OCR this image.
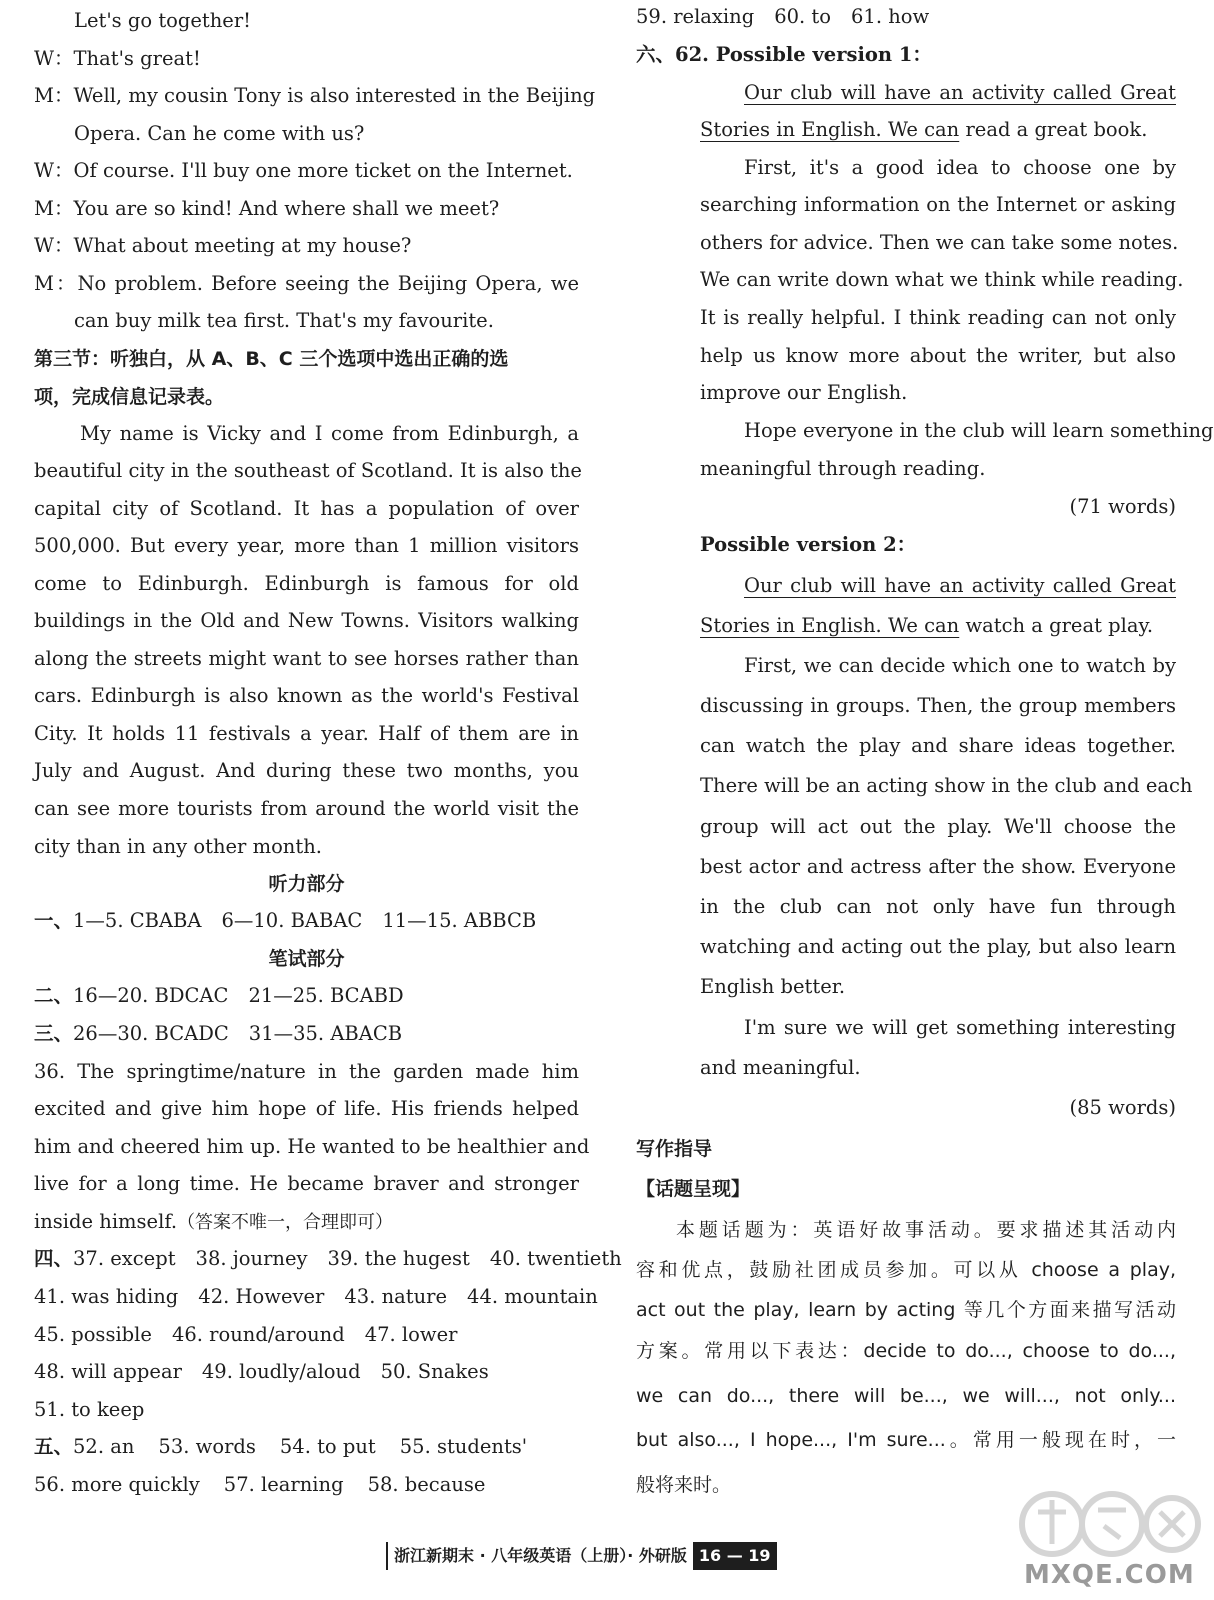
Let's go together!
W：That's great!
M：Well, my cousin Tony is also interested in the Beijing
Opera. Can he come with us?
W：Of course. I'll buy one more ticket on the Internet.
M：You are so kind! And where shall we meet?
W：What about meeting at my house?
M：No problem. Before seeing the Beijing Opera, we
can buy milk tea first. That's my favourite.
第三节：听独白，从 A、B、C 三个选项中选出正确的选
项，完成信息记录表。
My name is Vicky and I come from Edinburgh, a
beautiful city in the southeast of Scotland. It is also the
capital city of Scotland. It has a population of over
500,000. But every year, more than 1 million visitors
come to Edinburgh. Edinburgh is famous for old
buildings in the Old and New Towns. Visitors walking
along the streets might want to see horses rather than
cars. Edinburgh is also known as the world's Festival
City. It holds 11 festivals a year. Half of them are in
July and August. And during these two months, you
can see more tourists from around the world visit the
city than in any other month.
听力部分
一、1—5. CBABA 6—10. BABAC 11—15. ABBCB
笔试部分
二、16—20. BDCAC 21—25. BCABD
三、26—30. BCADC 31—35. ABACB
36. The springtime/nature in the garden made him
excited and give him hope of life. His friends helped
him and cheered him up. He wanted to be healthier and
live for a long time. He became braver and stronger
inside himself.（答案不唯一，合理即可）
四、37. except 38. journey 39. the hugest 40. twentieth
41. was hiding 42. However 43. nature 44. mountain
45. possible 46. round/around 47. lower
48. will appear 49. loudly/aloud 50. Snakes
51. to keep
五、52. an 53. words 54. to put 55. students'
56. more quickly 57. learning 58. because
59. relaxing 60. to 61. how
六、62. Possible version 1：
Our club will have an activity called Great
Stories in English. We can read a great book.
First, it's a good idea to choose one by
searching information on the Internet or asking
others for advice. Then we can take some notes.
We can write down what we think while reading.
It is really helpful. I think reading can not only
help us know more about the writer, but also
improve our English.
Hope everyone in the club will learn something
meaningful through reading.
(71 words)
Possible version 2：
Our club will have an activity called Great
Stories in English. We can watch a great play.
First, we can decide which one to watch by
discussing in groups. Then, the group members
can watch the play and share ideas together.
There will be an acting show in the club and each
group will act out the play. We'll choose the
best actor and actress after the show. Everyone
in the club can not only have fun through
watching and acting out the play, but also learn
English better.
I'm sure we will get something interesting
and meaningful.
(85 words)
写作指导
【话题呈现】
本题话题为：英语好故事活动。要求描述其活动内
容和优点，鼓励社团成员参加。可以从 choose a play,
act out the play, learn by acting 等几个方面来描写活动
方案。常用以下表达：decide to do..., choose to do...,
we can do..., there will be..., we will..., not only...
but also..., I hope..., I'm sure...。常用一般现在时，一
般将来时。
浙江新期末 · 八年级英语（上册）· 外研版 16 — 19
MXQE.COM
